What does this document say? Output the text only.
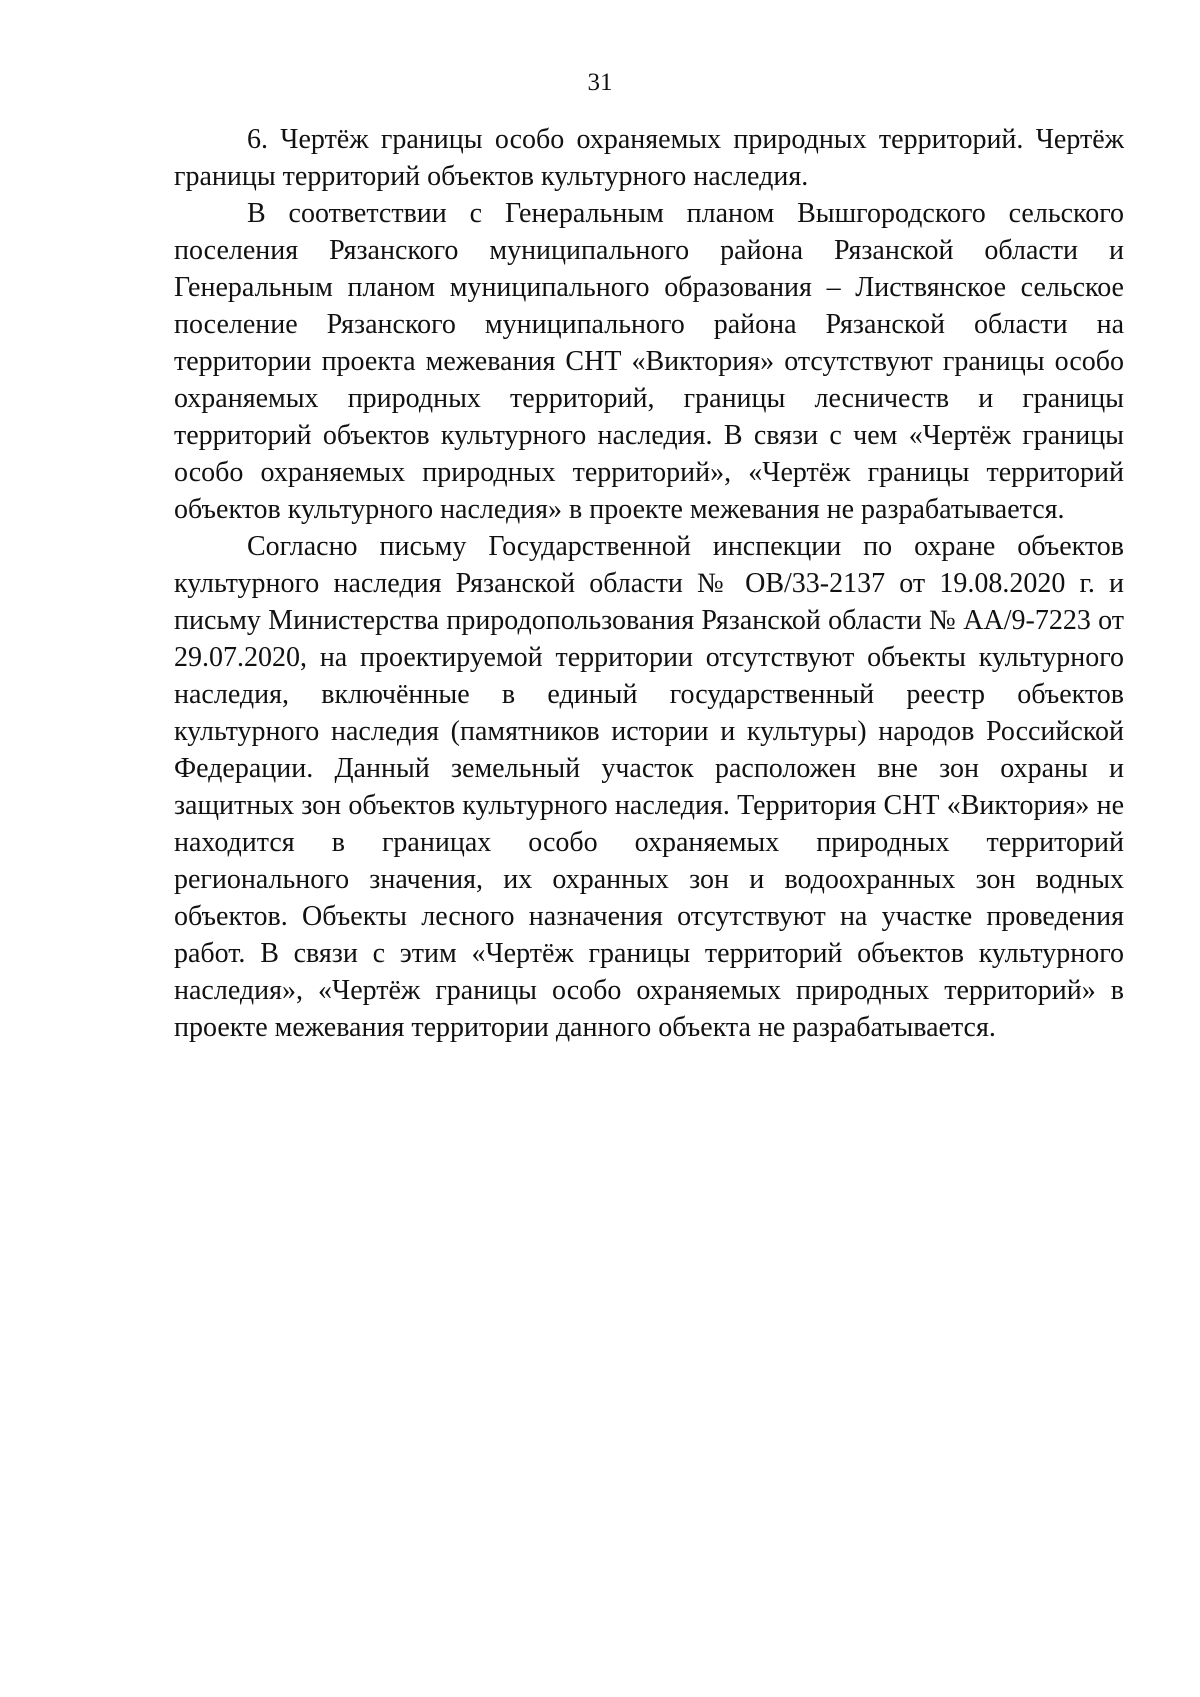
31

6. Чертёж границы особо охраняемых природных территорий. Чертёж границы территорий объектов культурного наследия.

В соответствии с Генеральным планом Вышгородского сельского поселения Рязанского муниципального района Рязанской области и Генеральным планом муниципального образования – Листвянское сельское поселение Рязанского муниципального района Рязанской области на территории проекта межевания СНТ «Виктория» отсутствуют границы особо охраняемых природных территорий, границы лесничеств и границы территорий объектов культурного наследия. В связи с чем «Чертёж границы особо охраняемых природных территорий», «Чертёж границы территорий объектов культурного наследия» в проекте межевания не разрабатывается.

Согласно письму Государственной инспекции по охране объектов культурного наследия Рязанской области № ОВ/33-2137 от 19.08.2020 г. и письму Министерства природопользования Рязанской области № АА/9-7223 от 29.07.2020, на проектируемой территории отсутствуют объекты культурного наследия, включённые в единый государственный реестр объектов культурного наследия (памятников истории и культуры) народов Российской Федерации. Данный земельный участок расположен вне зон охраны и защитных зон объектов культурного наследия. Территория СНТ «Виктория» не находится в границах особо охраняемых природных территорий регионального значения, их охранных зон и водоохранных зон водных объектов. Объекты лесного назначения отсутствуют на участке проведения работ. В связи с этим «Чертёж границы территорий объектов культурного наследия», «Чертёж границы особо охраняемых природных территорий» в проекте межевания территории данного объекта не разрабатывается.
